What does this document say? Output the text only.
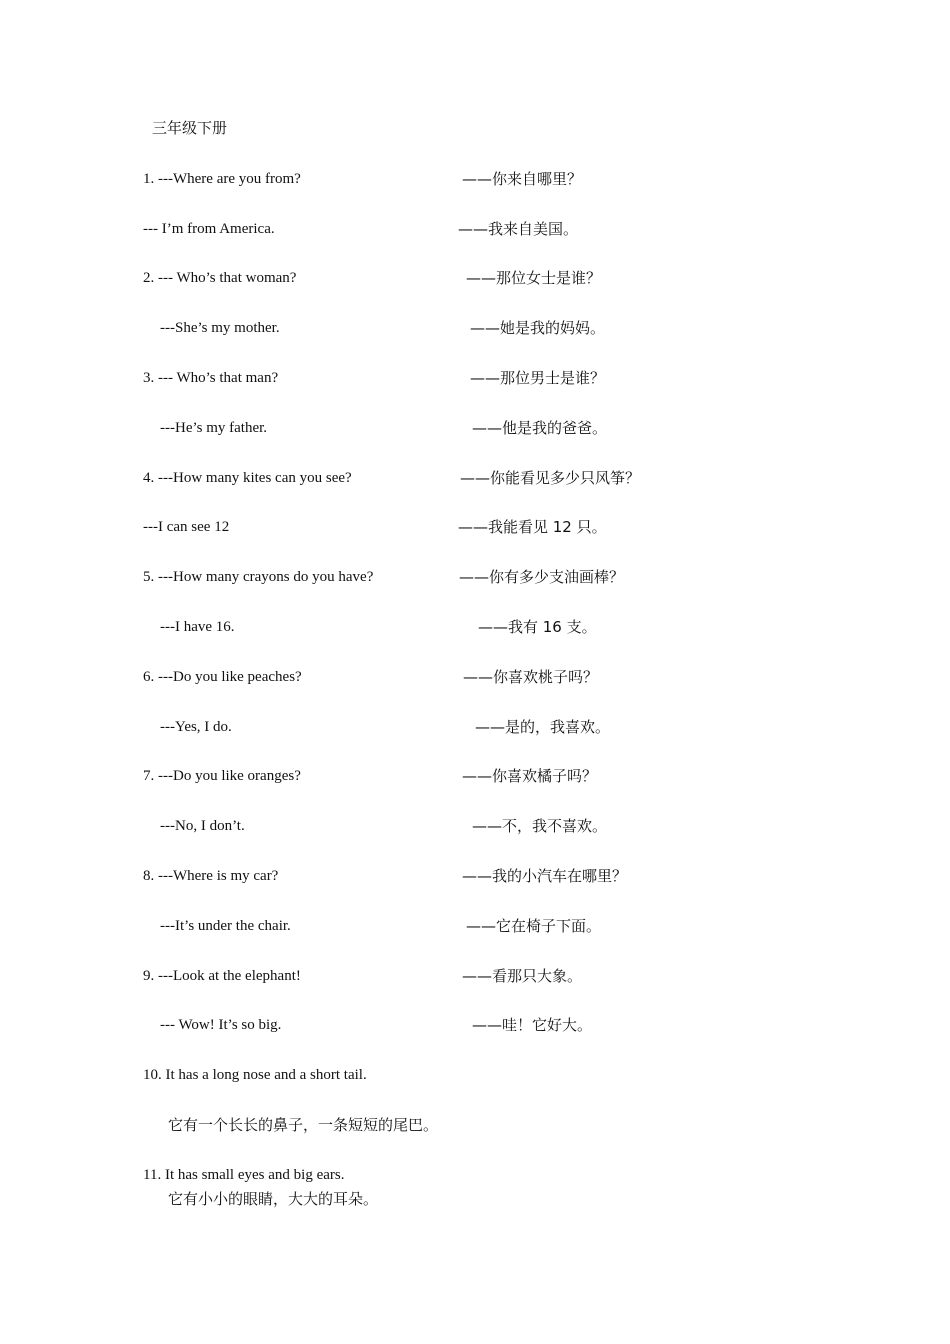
三年级下册
1. ---Where are you from?	——你来自哪里？
--- I’m from America.	——我来自美国。
2. --- Who’s that woman?	——那位女士是谁？
---She’s my mother.	——她是我的妈妈。
3. --- Who’s that man?	——那位男士是谁？
---He’s my father.	——他是我的爸爸。
4. ---How many kites can you see?	——你能看见多少只风筝？
---I can see 12	——我能看见 12 只。
5. ---How many crayons do you have?	——你有多少支油画棒？
---I have 16.	——我有 16 支。
6. ---Do you like peaches?	——你喜欢桃子吗？
---Yes, I do.	——是的，我喜欢。
7. ---Do you like oranges?	——你喜欢橘子吗？
---No, I don’t.	——不，我不喜欢。
8. ---Where is my car?	——我的小汽车在哪里？
---It’s under the chair.	——它在椅子下面。
9. ---Look at the elephant!	——看那只大象。
--- Wow! It’s so big.	——哇！它好大。
10. It has a long nose and a short tail.
它有一个长长的鼻子，一条短短的尾巴。
11. It has small eyes and big ears.
它有小小的眼睛，大大的耳朵。
